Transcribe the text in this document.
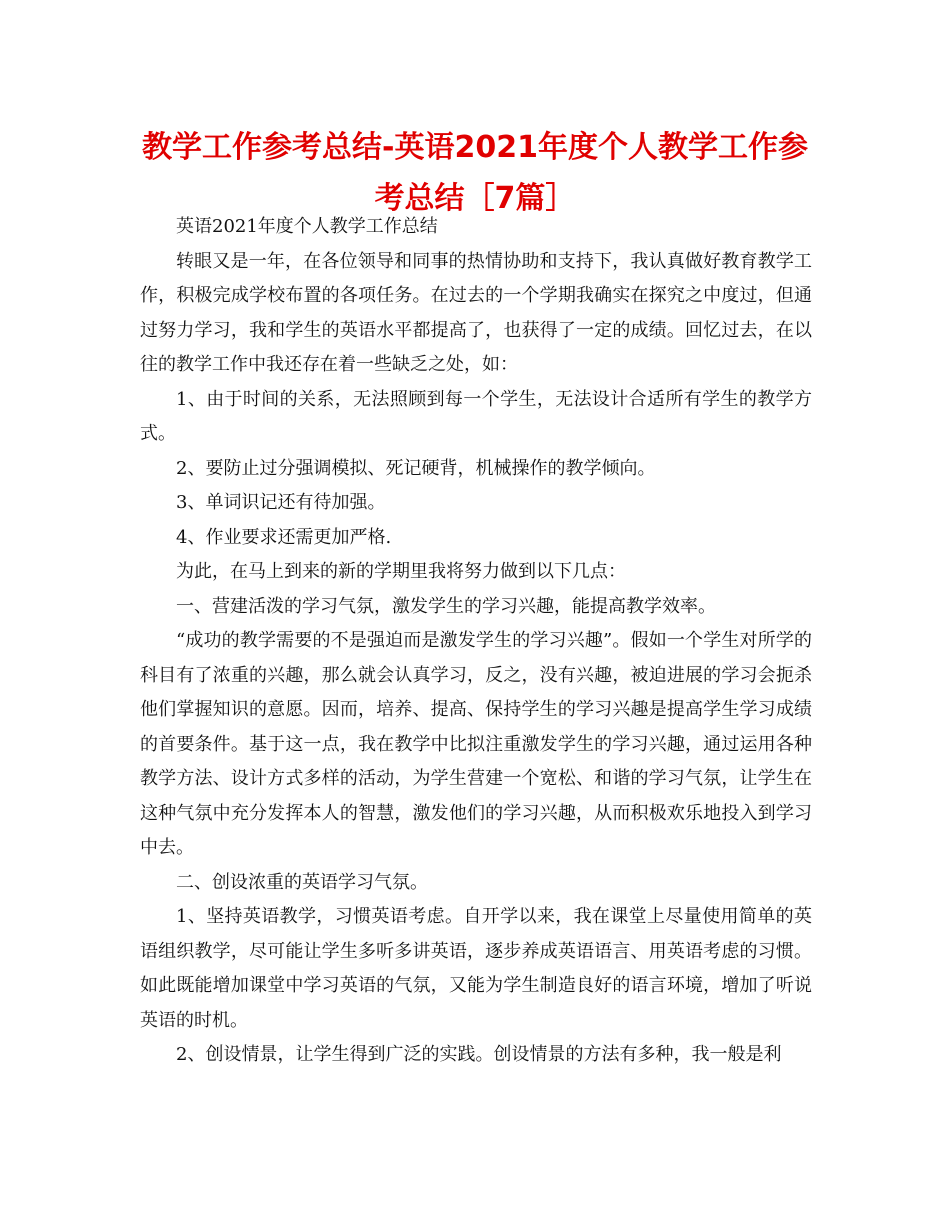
教学工作参考总结-英语2021年度个人教学工作参考总结［7篇］

英语2021年度个人教学工作总结

转眼又是一年，在各位领导和同事的热情协助和支持下，我认真做好教育教学工作，积极完成学校布置的各项任务。在过去的一个学期我确实在探究之中度过，但通过努力学习，我和学生的英语水平都提高了，也获得了一定的成绩。回忆过去，在以往的教学工作中我还存在着一些缺乏之处，如：

1、由于时间的关系，无法照顾到每一个学生，无法设计合适所有学生的教学方式。

2、要防止过分强调模拟、死记硬背，机械操作的教学倾向。

3、单词识记还有待加强。

4、作业要求还需更加严格.

为此，在马上到来的新的学期里我将努力做到以下几点：

一、营建活泼的学习气氛，激发学生的学习兴趣，能提高教学效率。

“成功的教学需要的不是强迫而是激发学生的学习兴趣”。假如一个学生对所学的科目有了浓重的兴趣，那么就会认真学习，反之，没有兴趣，被迫进展的学习会扼杀他们掌握知识的意愿。因而，培养、提高、保持学生的学习兴趣是提高学生学习成绩的首要条件。基于这一点，我在教学中比拟注重激发学生的学习兴趣，通过运用各种教学方法、设计方式多样的活动，为学生营建一个宽松、和谐的学习气氛，让学生在这种气氛中充分发挥本人的智慧，激发他们的学习兴趣，从而积极欢乐地投入到学习中去。

二、创设浓重的英语学习气氛。

1、坚持英语教学，习惯英语考虑。自开学以来，我在课堂上尽量使用简单的英语组织教学，尽可能让学生多听多讲英语，逐步养成英语语言、用英语考虑的习惯。如此既能增加课堂中学习英语的气氛，又能为学生制造良好的语言环境，增加了听说英语的时机。

2、创设情景，让学生得到广泛的实践。创设情景的方法有多种，我一般是利
